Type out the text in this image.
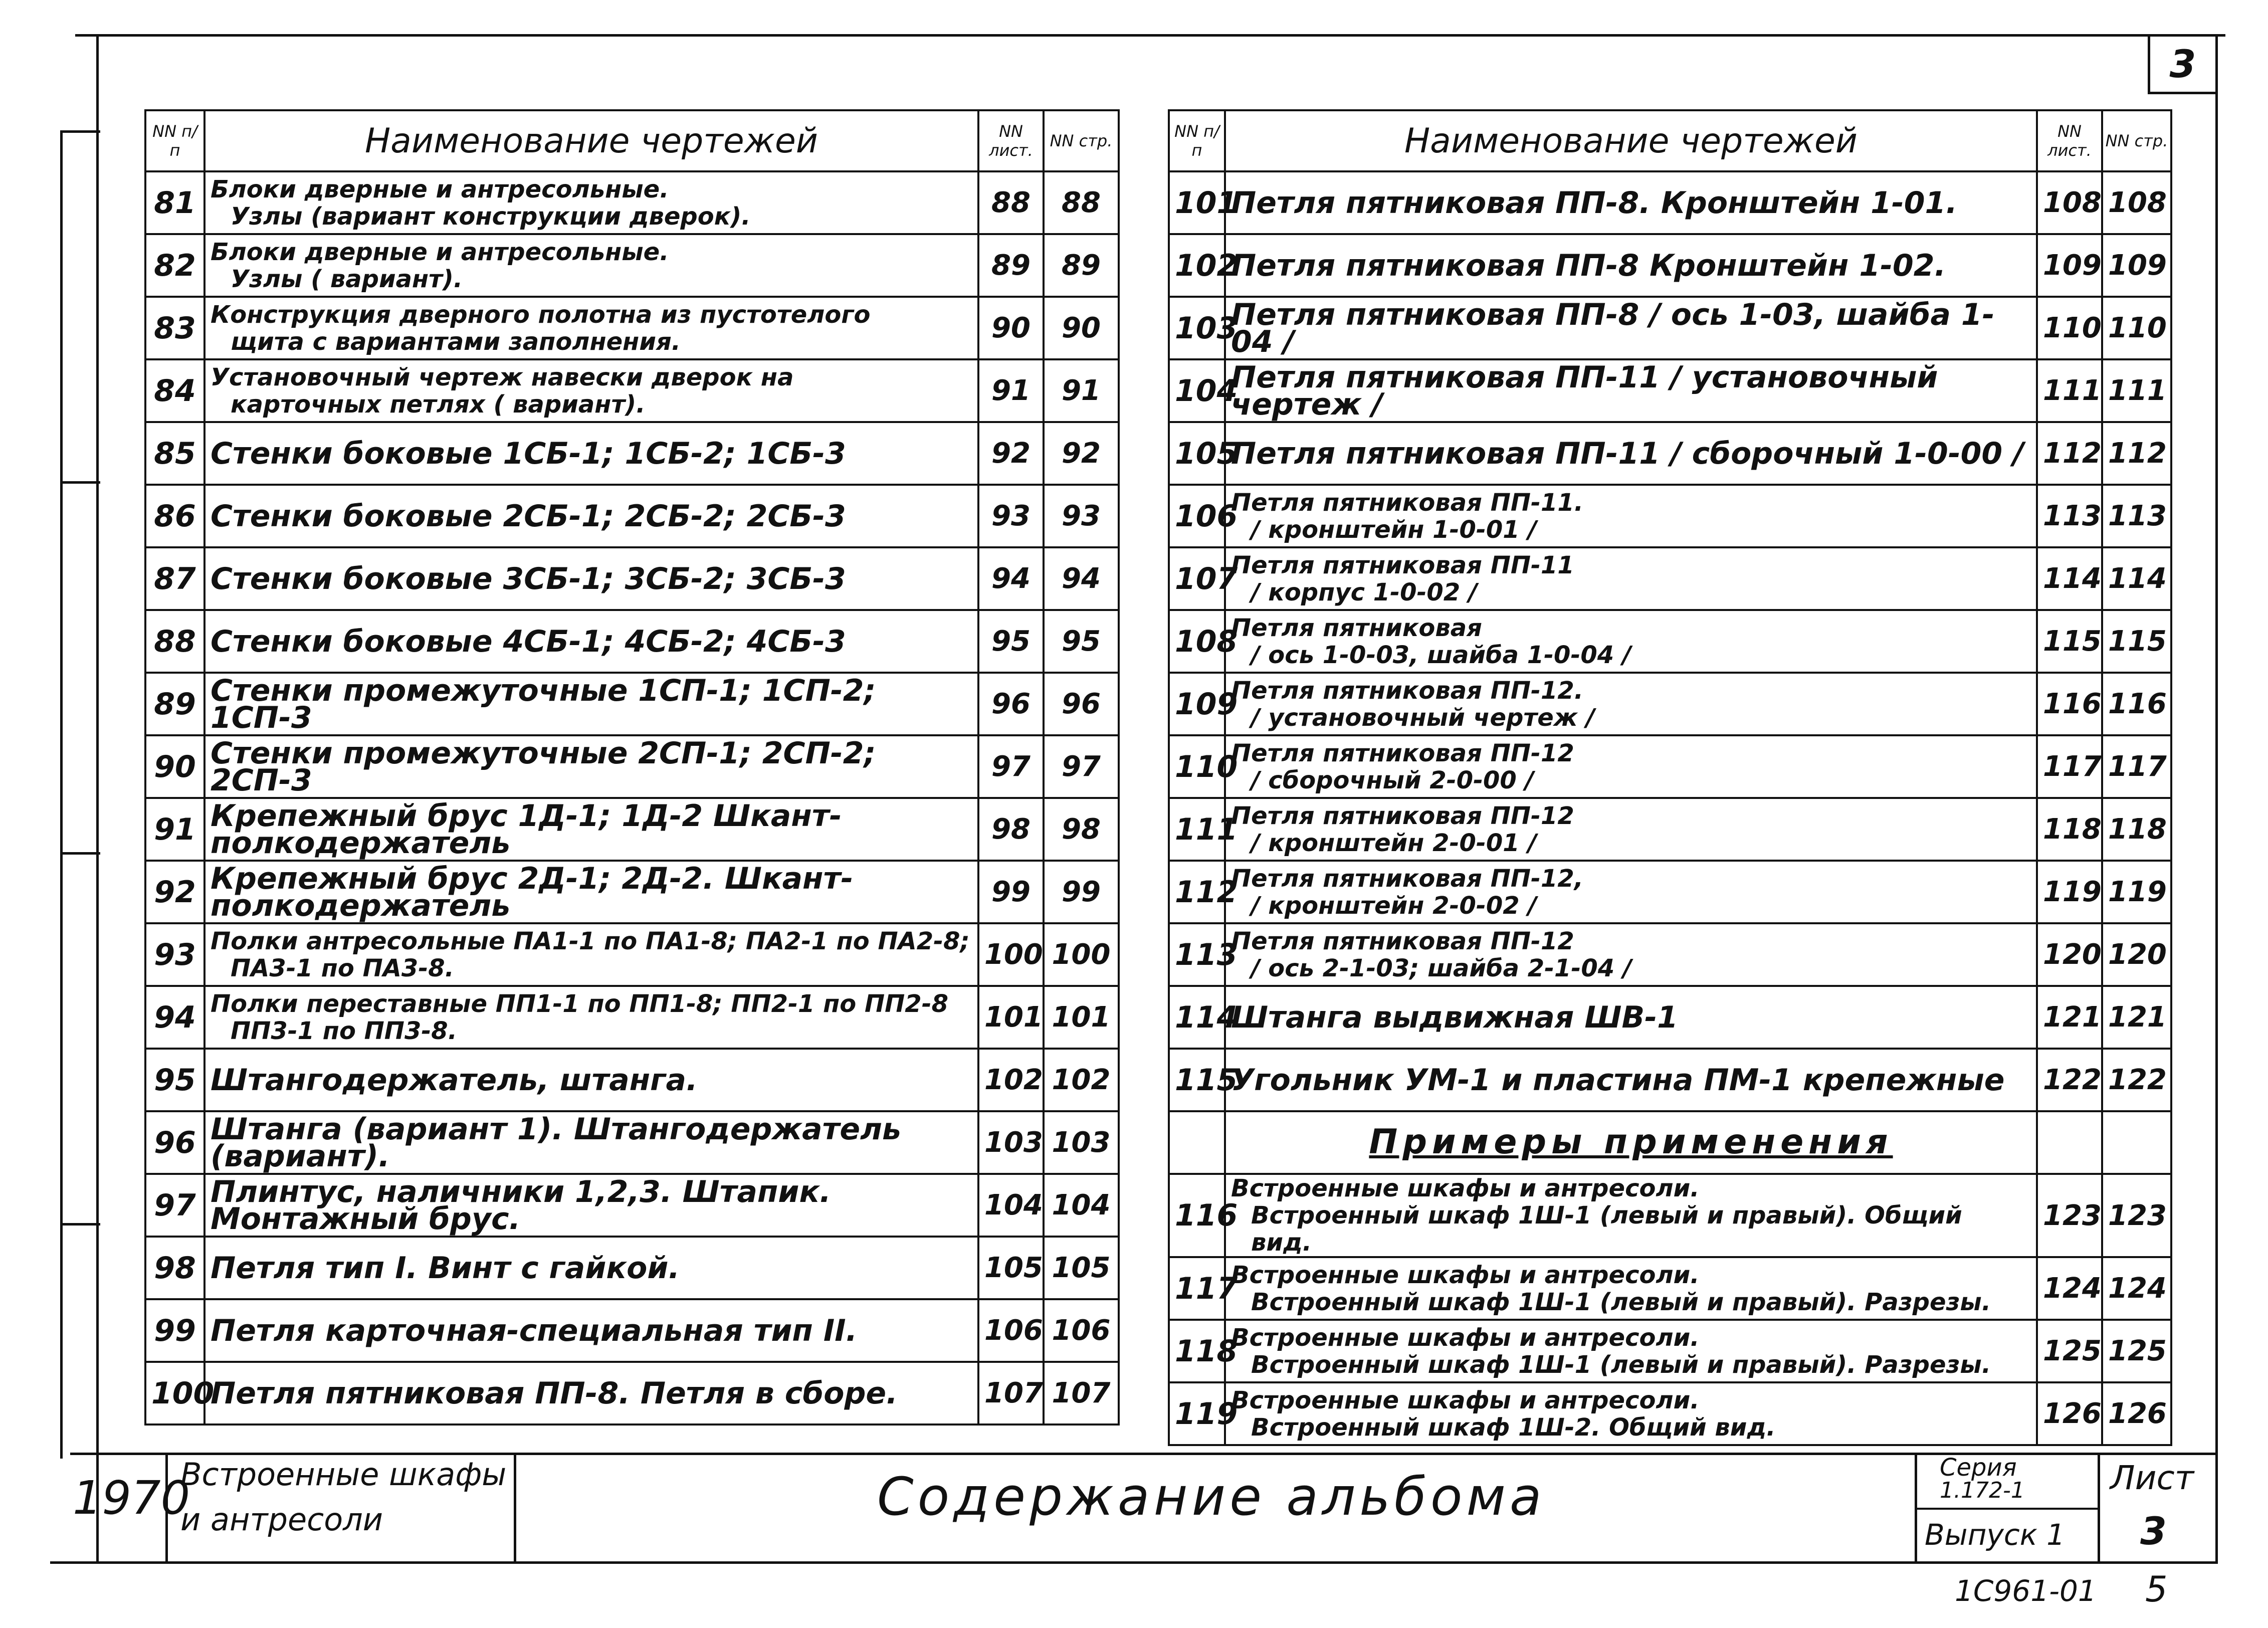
3
NN п/п	Наименование чертежей	NN лист.	NN стр.
81	Блоки дверные и антресольные.
Узлы (вариант конструкции дверок).	88	88
82	Блоки дверные и антресольные.
Узлы ( вариант).	89	89
83	Конструкция дверного полотна из пустотелого
щита с вариантами заполнения.	90	90
84	Установочный чертеж навески дверок на
карточных петлях ( вариант).	91	91
85	Стенки боковые 1СБ-1; 1СБ-2; 1СБ-3	92	92
86	Стенки боковые 2СБ-1; 2СБ-2; 2СБ-3	93	93
87	Стенки боковые 3СБ-1; 3СБ-2; 3СБ-3	94	94
88	Стенки боковые 4СБ-1; 4СБ-2; 4СБ-3	95	95
89	Стенки промежуточные 1СП-1; 1СП-2; 1СП-3	96	96
90	Стенки промежуточные 2СП-1; 2СП-2; 2СП-3	97	97
91	Крепежный брус 1Д-1; 1Д-2 Шкант-полкодержатель	98	98
92	Крепежный брус 2Д-1; 2Д-2. Шкант-полкодержатель	99	99
93	Полки антресольные ПА1-1 по ПА1-8; ПА2-1 по ПА2-8;
ПА3-1 по ПА3-8.	100	100
94	Полки переставные ПП1-1 по ПП1-8; ПП2-1 по ПП2-8
ПП3-1 по ПП3-8.	101	101
95	Штангодержатель, штанга.	102	102
96	Штанга (вариант 1). Штангодержатель (вариант).	103	103
97	Плинтус, наличники 1,2,3. Штапик. Монтажный брус.	104	104
98	Петля тип I. Винт с гайкой.	105	105
99	Петля карточная-специальная тип II.	106	106
100	Петля пятниковая ПП-8. Петля в сборе.	107	107
NN п/п	Наименование чертежей	NN лист.	NN стр.
101	Петля пятниковая ПП-8. Кронштейн 1-01.	108	108
102	Петля пятниковая ПП-8 Кронштейн 1-02.	109	109
103	Петля пятниковая ПП-8 / ось 1-03, шайба 1-04 /	110	110
104	Петля пятниковая ПП-11 / установочный чертеж /	111	111
105	Петля пятниковая ПП-11 / сборочный 1-0-00 /	112	112
106	Петля пятниковая ПП-11.
/ кронштейн 1-0-01 /	113	113
107	Петля пятниковая ПП-11
/ корпус 1-0-02 /	114	114
108	Петля пятниковая
/ ось 1-0-03, шайба 1-0-04 /	115	115
109	Петля пятниковая ПП-12.
/ установочный чертеж /	116	116
110	Петля пятниковая ПП-12
/ сборочный 2-0-00 /	117	117
111	Петля пятниковая ПП-12
/ кронштейн 2-0-01 /	118	118
112	Петля пятниковая ПП-12,
/ кронштейн 2-0-02 /	119	119
113	Петля пятниковая ПП-12
/ ось 2-1-03; шайба 2-1-04 /	120	120
114	Штанга выдвижная ШВ-1	121	121
115	Угольник УМ-1 и пластина ПМ-1 крепежные	122	122
	Примеры применения		
116	Встроенные шкафы и антресоли.
Встроенный шкаф 1Ш-1 (левый и правый). Общий вид.	123	123
117	Встроенные шкафы и антресоли.
Встроенный шкаф 1Ш-1 (левый и правый). Разрезы.	124	124
118	Встроенные шкафы и антресоли.
Встроенный шкаф 1Ш-1 (левый и правый). Разрезы.	125	125
119	Встроенные шкафы и антресоли.
Встроенный шкаф 1Ш-2. Общий вид.	126	126
1970
Встроенные шкафы
и антресоли	Содержание альбома	Серия
1.172-1
Выпуск 1
Лист
3
1С961-01 5
